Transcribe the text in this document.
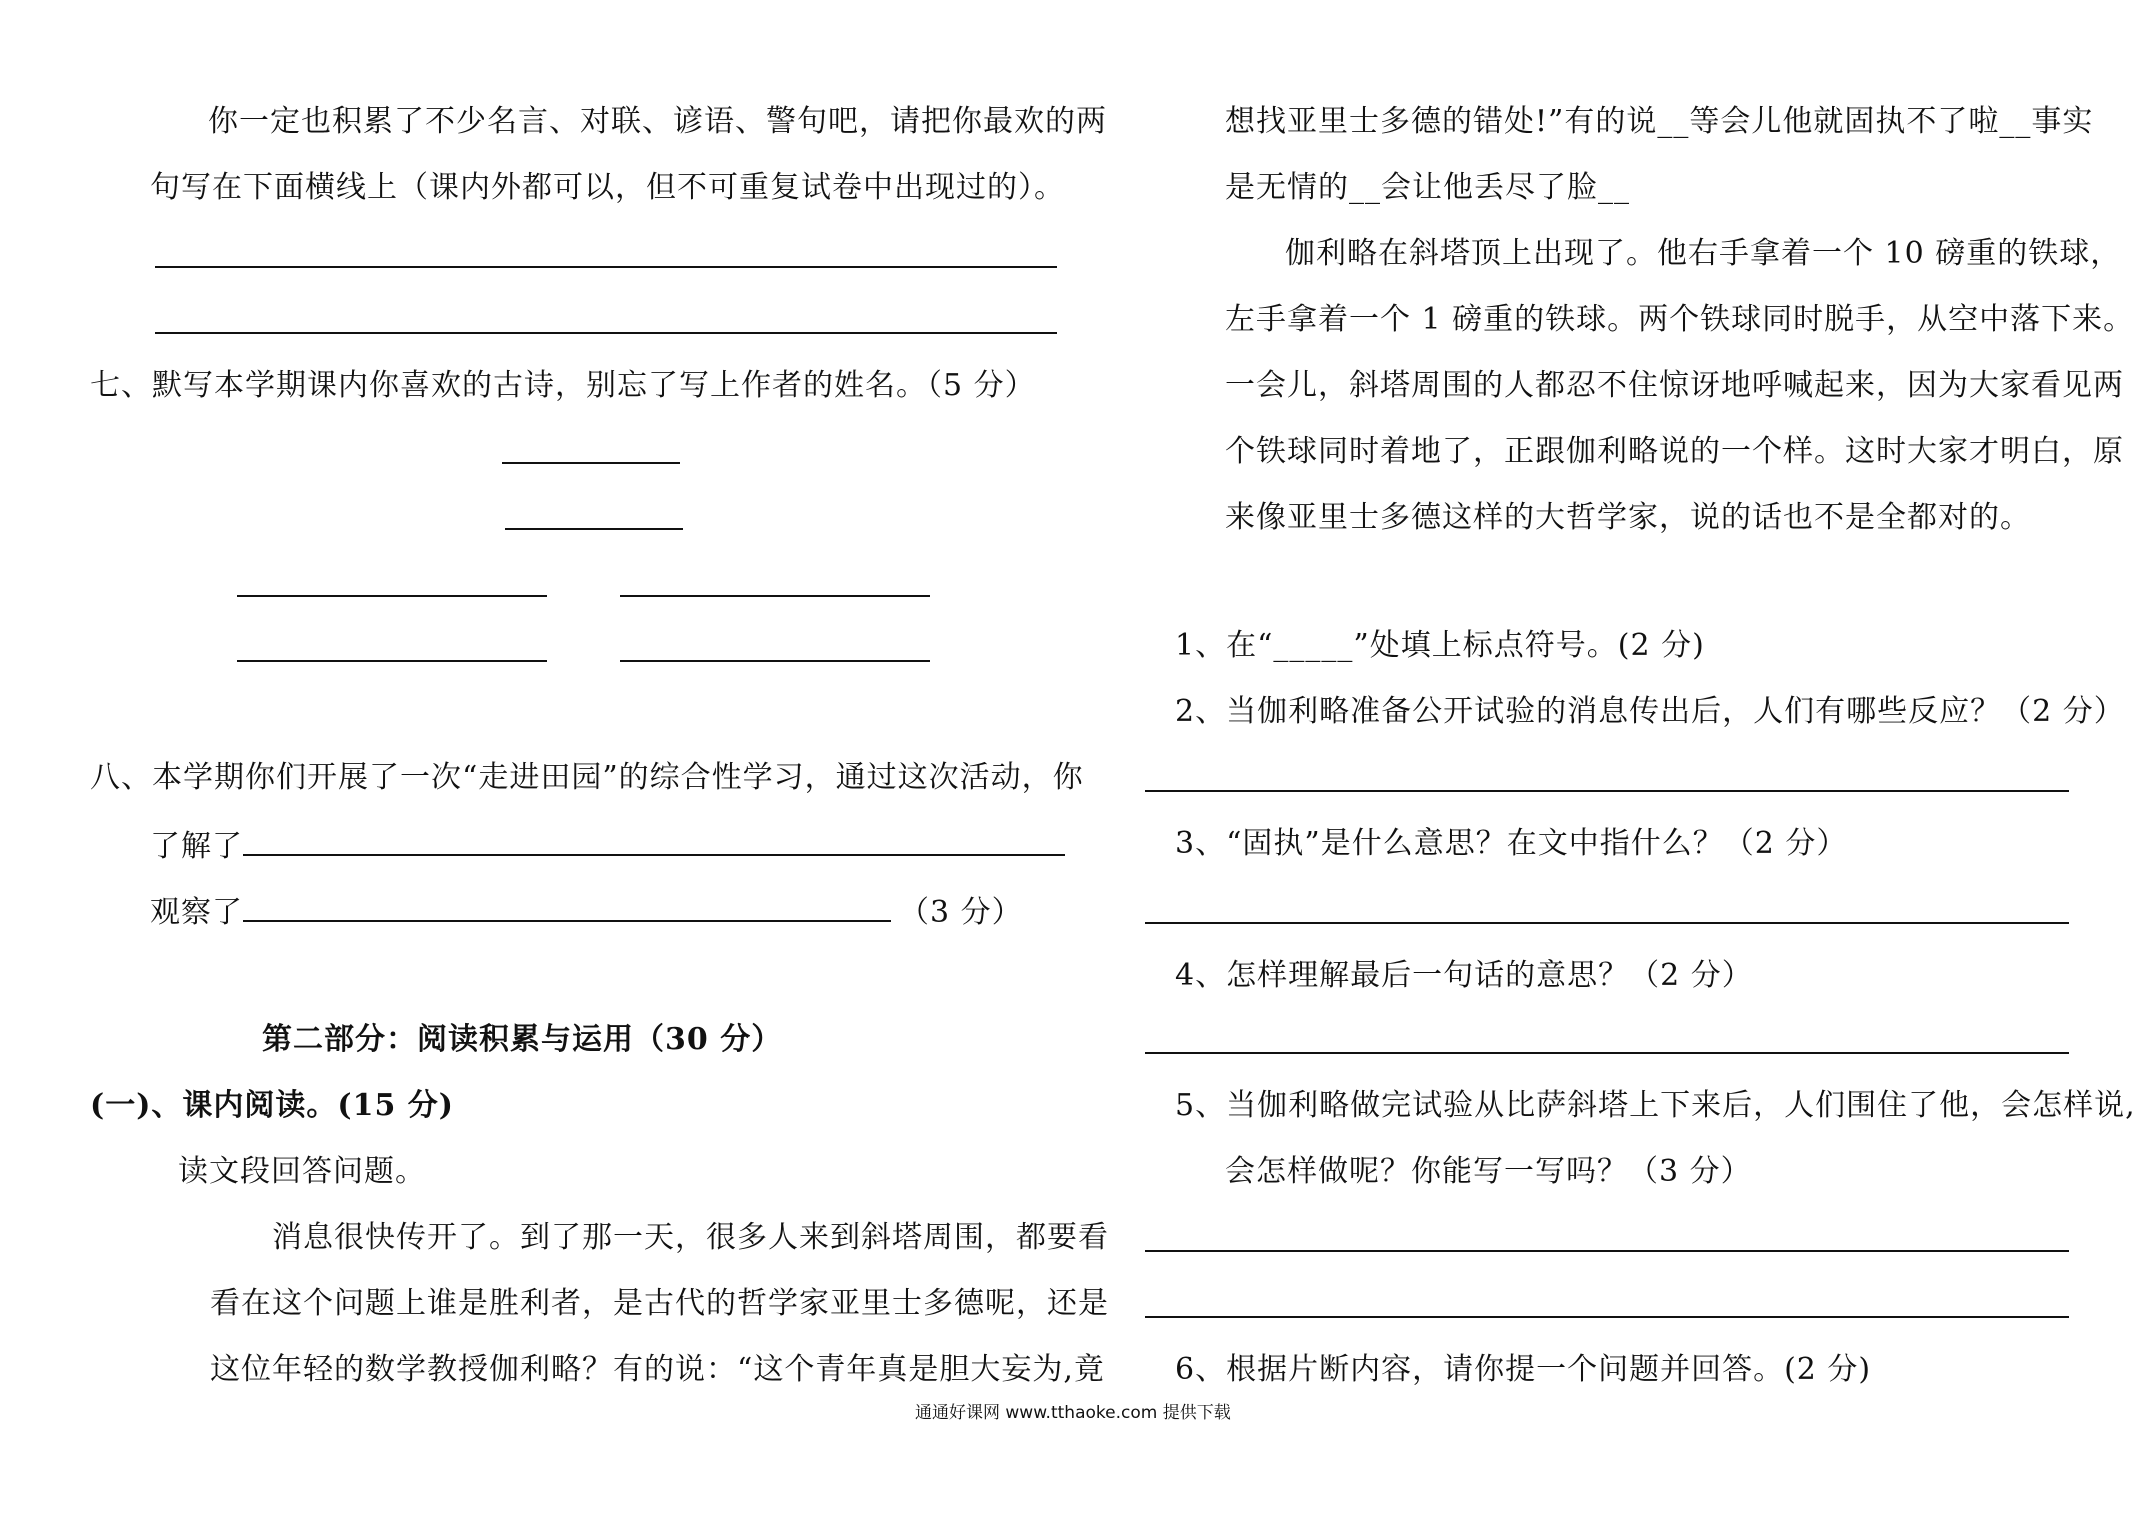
你一定也积累了不少名言、对联、谚语、警句吧，请把你最欢的两
句写在下面横线上（课内外都可以，但不可重复试卷中出现过的）。
七、默写本学期课内你喜欢的古诗，别忘了写上作者的姓名。（5 分）
八、本学期你们开展了一次“走进田园”的综合性学习，通过这次活动，你
了解了
观察了	（3 分）
第二部分：阅读积累与运用（30 分）
(一)、课内阅读。(15 分)
读文段回答问题。
消息很快传开了。到了那一天，很多人来到斜塔周围，都要看
看在这个问题上谁是胜利者，是古代的哲学家亚里士多德呢，还是
这位年轻的数学教授伽利略？有的说：“这个青年真是胆大妄为,竟
想找亚里士多德的错处!”有的说__等会儿他就固执不了啦__事实
是无情的__会让他丢尽了脸__
伽利略在斜塔顶上出现了。他右手拿着一个 10 磅重的铁球，
左手拿着一个 1 磅重的铁球。两个铁球同时脱手，从空中落下来。
一会儿，斜塔周围的人都忍不住惊讶地呼喊起来，因为大家看见两
个铁球同时着地了，正跟伽利略说的一个样。这时大家才明白，原
来像亚里士多德这样的大哲学家，说的话也不是全都对的。
1、在“_____”处填上标点符号。(2 分)
2、当伽利略准备公开试验的消息传出后，人们有哪些反应？（2 分）
3、“固执”是什么意思？在文中指什么？（2 分）
4、怎样理解最后一句话的意思？（2 分）
5、当伽利略做完试验从比萨斜塔上下来后，人们围住了他，会怎样说,
会怎样做呢？你能写一写吗？（3 分）
6、根据片断内容，请你提一个问题并回答。(2 分)
通通好课网 www.tthaoke.com 提供下载
